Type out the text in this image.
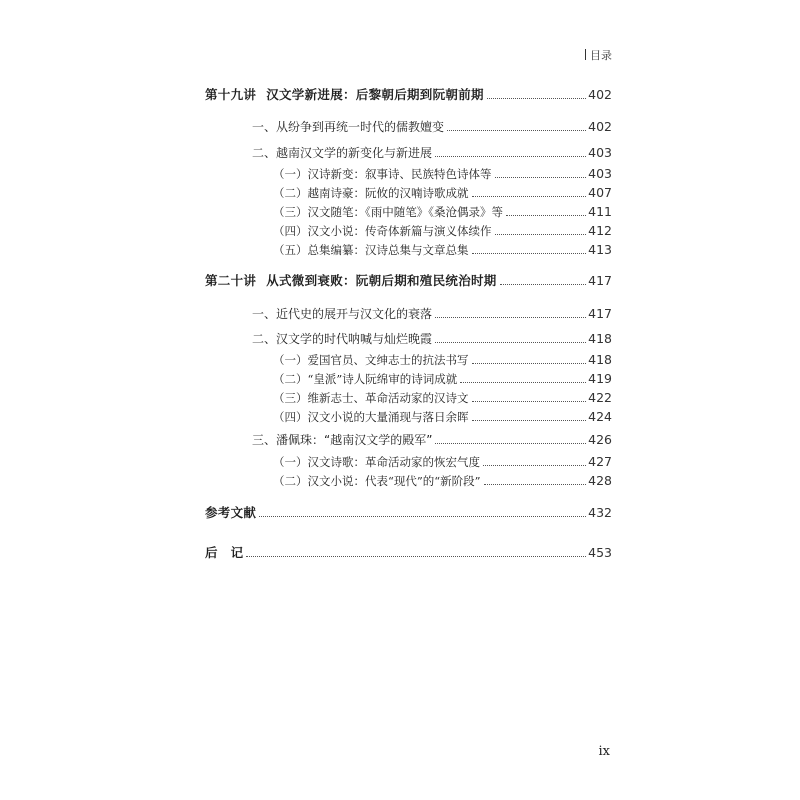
目录
第十九讲 汉文学新进展：后黎朝后期到阮朝前期	402
一、从纷争到再统一时代的儒教嬗变	402
二、越南汉文学的新变化与新进展	403
（一）汉诗新变：叙事诗、民族特色诗体等	403
（二）越南诗豪：阮攸的汉喃诗歌成就	407
（三）汉文随笔：《雨中随笔》《桑沧偶录》等	411
（四）汉文小说：传奇体新篇与演义体续作	412
（五）总集编纂：汉诗总集与文章总集	413
第二十讲 从式微到衰败：阮朝后期和殖民统治时期	417
一、近代史的展开与汉文化的衰落	417
二、汉文学的时代呐喊与灿烂晚霞	418
（一）爱国官员、文绅志士的抗法书写	418
（二）“皇派”诗人阮绵审的诗词成就	419
（三）维新志士、革命活动家的汉诗文	422
（四）汉文小说的大量涌现与落日余晖	424
三、潘佩珠：“越南汉文学的殿军”	426
（一）汉文诗歌：革命活动家的恢宏气度	427
（二）汉文小说：代表“现代”的“新阶段”	428
参考文献	432
后　记	453
ix
